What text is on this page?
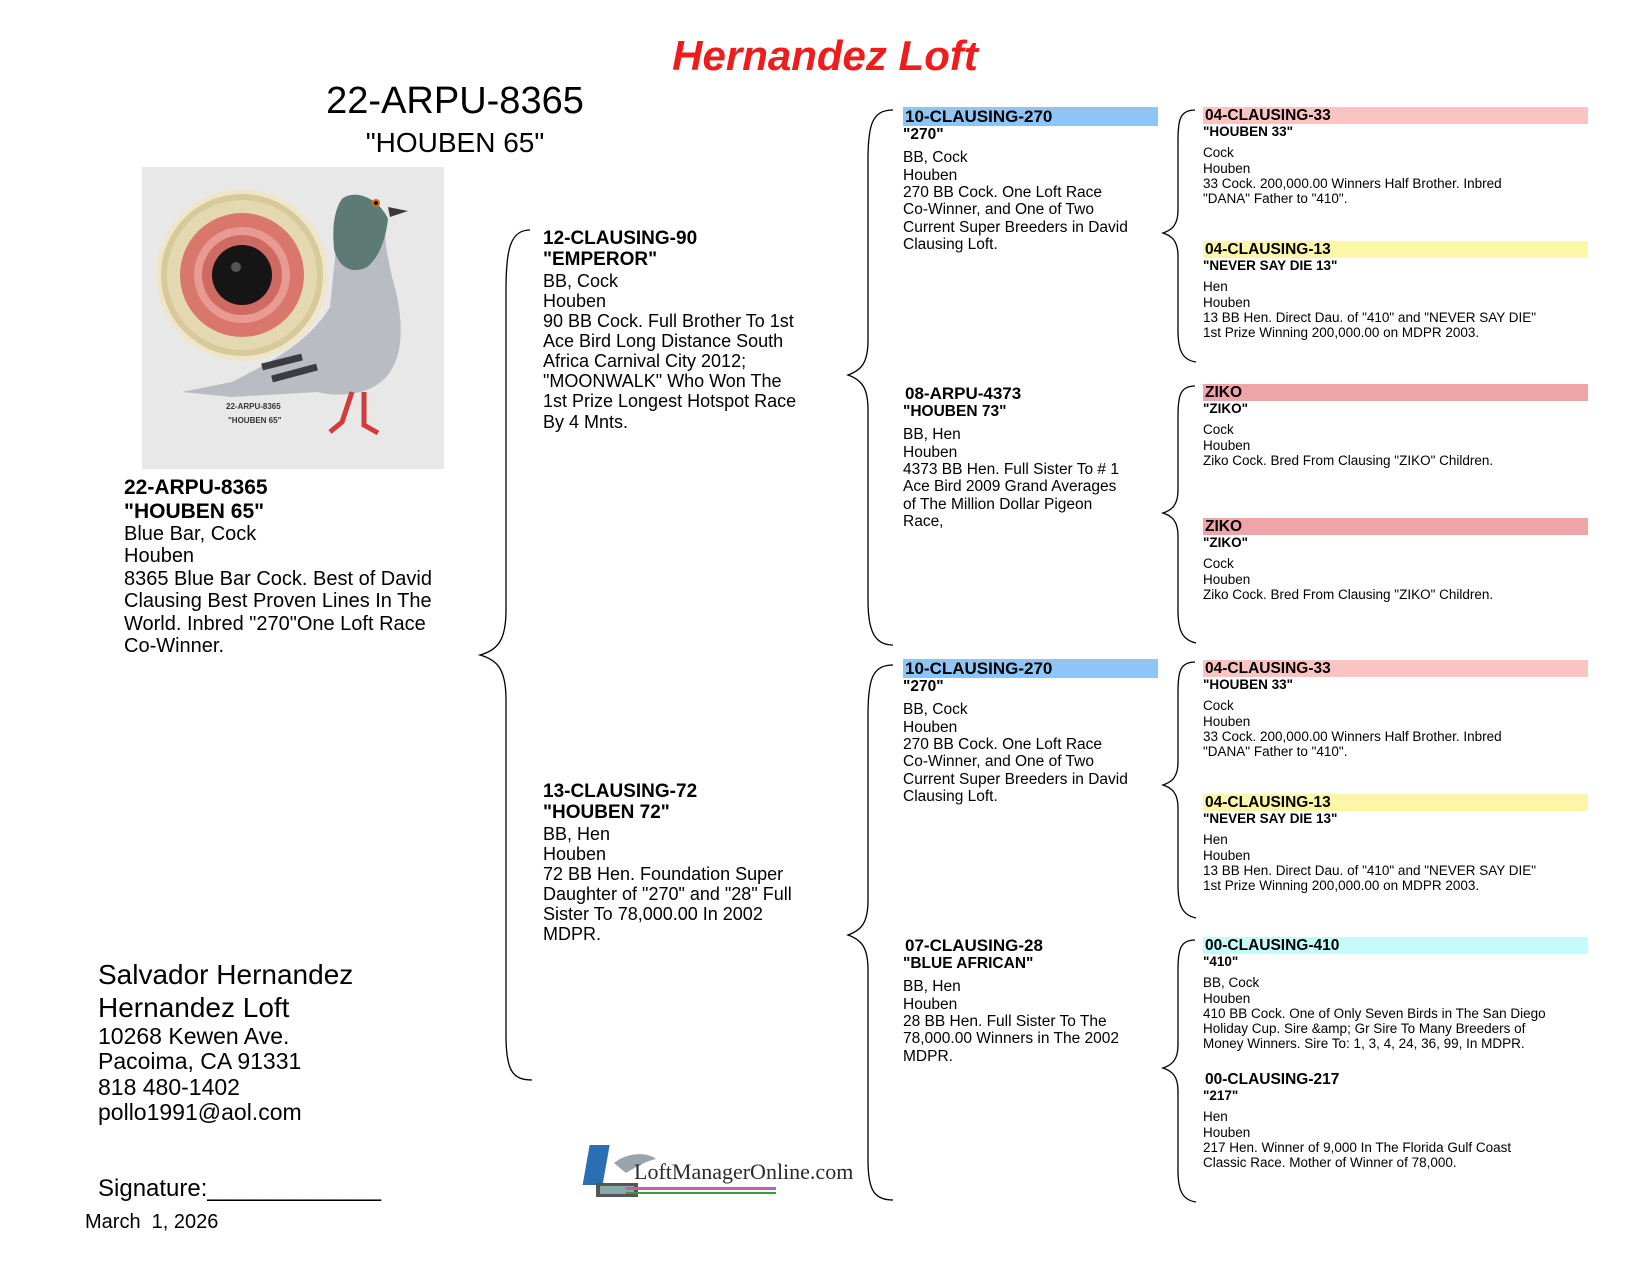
Hernandez Loft
22-ARPU-8365
"HOUBEN 65"
22-ARPU-8365
"HOUBEN 65"
22-ARPU-8365
"HOUBEN 65"
Blue Bar, Cock
Houben
8365 Blue Bar Cock. Best of David
Clausing Best Proven Lines In The
World. Inbred "270"One Loft Race
Co-Winner.
12-CLAUSING-90
"EMPEROR"
BB, Cock
Houben
90 BB Cock. Full Brother To 1st
Ace Bird Long Distance South
Africa Carnival City 2012;
"MOONWALK" Who Won The
1st Prize Longest Hotspot Race
By 4 Mnts.
13-CLAUSING-72
"HOUBEN 72"
BB, Hen
Houben
72 BB Hen. Foundation Super
Daughter of "270" and "28" Full
Sister To 78,000.00 In 2002
MDPR.
10-CLAUSING-270
"270"
BB, Cock
Houben
270 BB Cock. One Loft Race
Co-Winner, and One of Two
Current Super Breeders in David
Clausing Loft.
08-ARPU-4373
"HOUBEN 73"
BB, Hen
Houben
4373 BB Hen. Full Sister To # 1
Ace Bird 2009 Grand Averages
of The Million Dollar Pigeon
Race,
10-CLAUSING-270
"270"
BB, Cock
Houben
270 BB Cock. One Loft Race
Co-Winner, and One of Two
Current Super Breeders in David
Clausing Loft.
07-CLAUSING-28
"BLUE AFRICAN"
BB, Hen
Houben
28 BB Hen. Full Sister To The
78,000.00 Winners in The 2002
MDPR.
04-CLAUSING-33
"HOUBEN 33"
Cock
Houben
33 Cock. 200,000.00 Winners Half Brother. Inbred
"DANA" Father to "410".
04-CLAUSING-13
"NEVER SAY DIE 13"
Hen
Houben
13 BB Hen. Direct Dau. of "410" and "NEVER SAY DIE"
1st Prize Winning 200,000.00 on MDPR 2003.
ZIKO
"ZIKO"
Cock
Houben
Ziko Cock. Bred From Clausing "ZIKO" Children.
ZIKO
"ZIKO"
Cock
Houben
Ziko Cock. Bred From Clausing "ZIKO" Children.
04-CLAUSING-33
"HOUBEN 33"
Cock
Houben
33 Cock. 200,000.00 Winners Half Brother. Inbred
"DANA" Father to "410".
04-CLAUSING-13
"NEVER SAY DIE 13"
Hen
Houben
13 BB Hen. Direct Dau. of "410" and "NEVER SAY DIE"
1st Prize Winning 200,000.00 on MDPR 2003.
00-CLAUSING-410
"410"
BB, Cock
Houben
410 BB Cock. One of Only Seven Birds in The San Diego
Holiday Cup. Sire &amp; Gr Sire To Many Breeders of
Money Winners. Sire To: 1, 3, 4, 24, 36, 99, In MDPR.
00-CLAUSING-217
"217"
Hen
Houben
217 Hen. Winner of 9,000 In The Florida Gulf Coast
Classic Race. Mother of Winner of 78,000.
Salvador Hernandez
Hernandez Loft
10268 Kewen Ave.
Pacoima, CA 91331
818 480-1402
pollo1991@aol.com
Signature:_____________
March  1, 2026
LoftManagerOnline.com
